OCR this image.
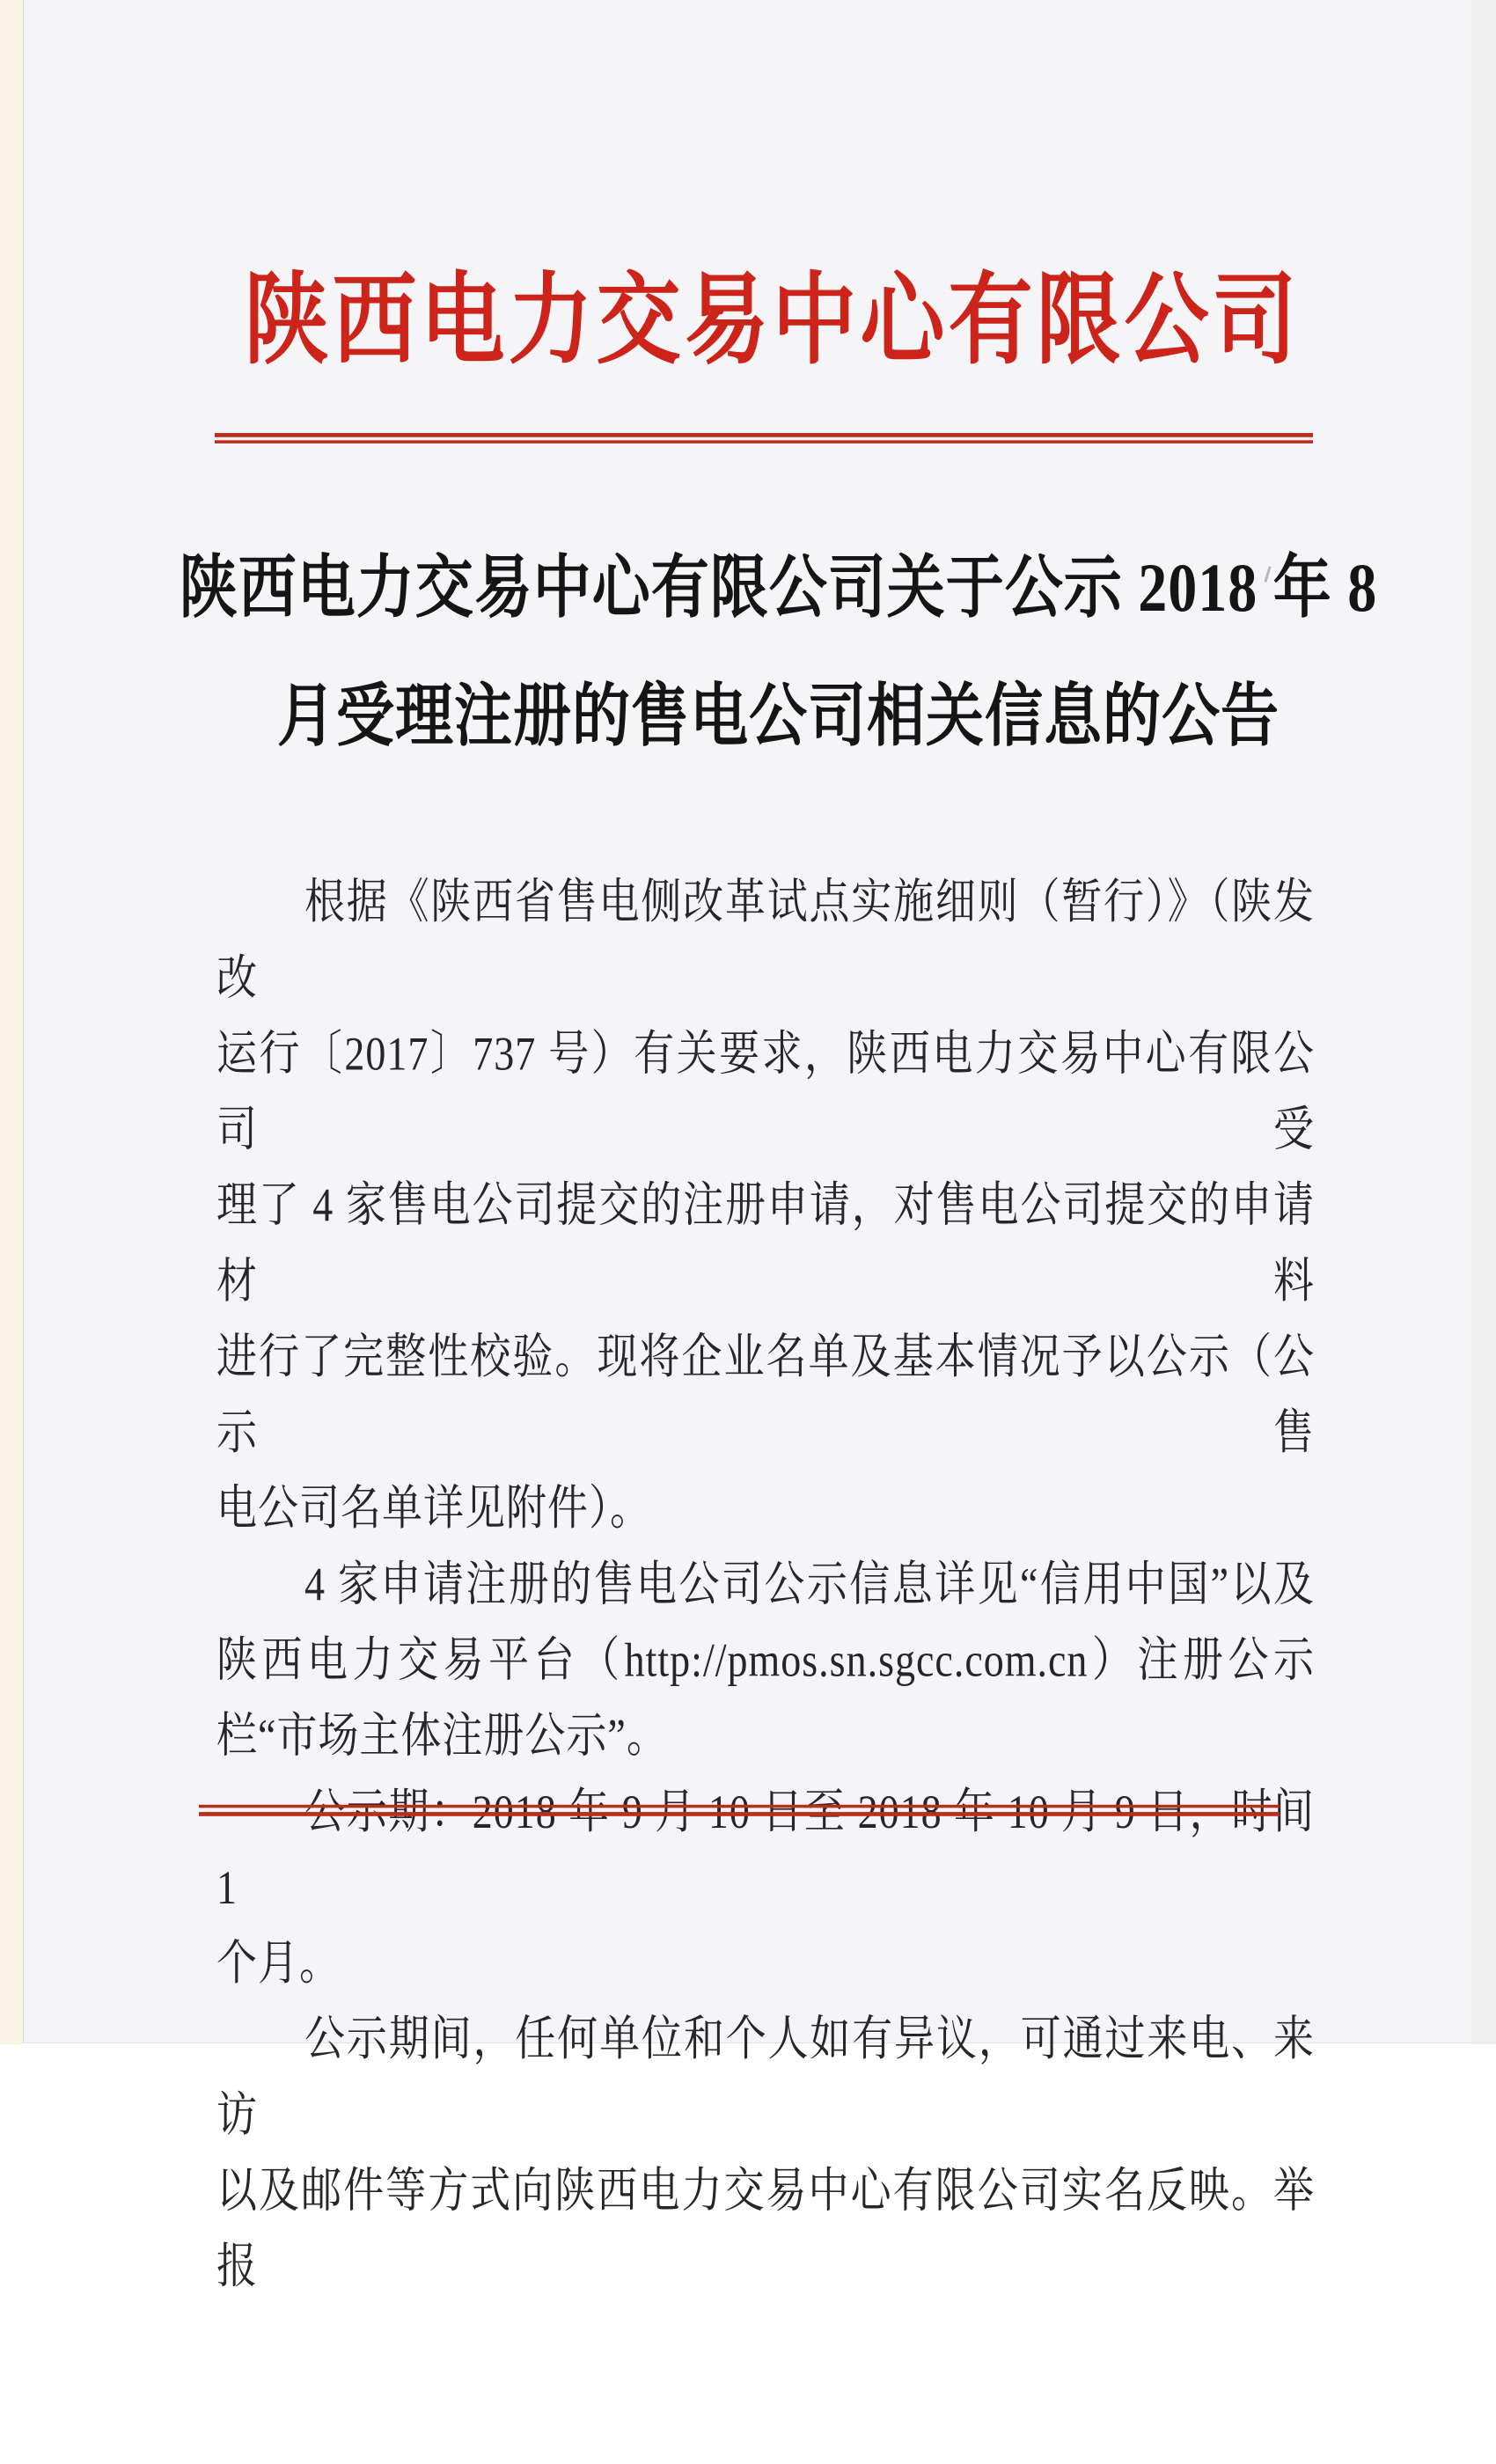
陕西电力交易中心有限公司
陕西电力交易中心有限公司关于公示 2018 年 8
月受理注册的售电公司相关信息的公告

根据《陕西省售电侧改革试点实施细则（暂行）》（陕发改
运行〔2017〕737 号）有关要求，陕西电力交易中心有限公司受
理了 4 家售电公司提交的注册申请，对售电公司提交的申请材料
进行了完整性校验。现将企业名单及基本情况予以公示（公示售
电公司名单详见附件）。

4 家申请注册的售电公司公示信息详见“信用中国”以及
陕西电力交易平台（http://pmos.sn.sgcc.com.cn）注册公示
栏“市场主体注册公示”。

公示期：2018 年 9 月 10 日至 2018 年 10 月 9 日，时间 1
个月。

公示期间，任何单位和个人如有异议，可通过来电、来访
以及邮件等方式向陕西电力交易中心有限公司实名反映。举报
